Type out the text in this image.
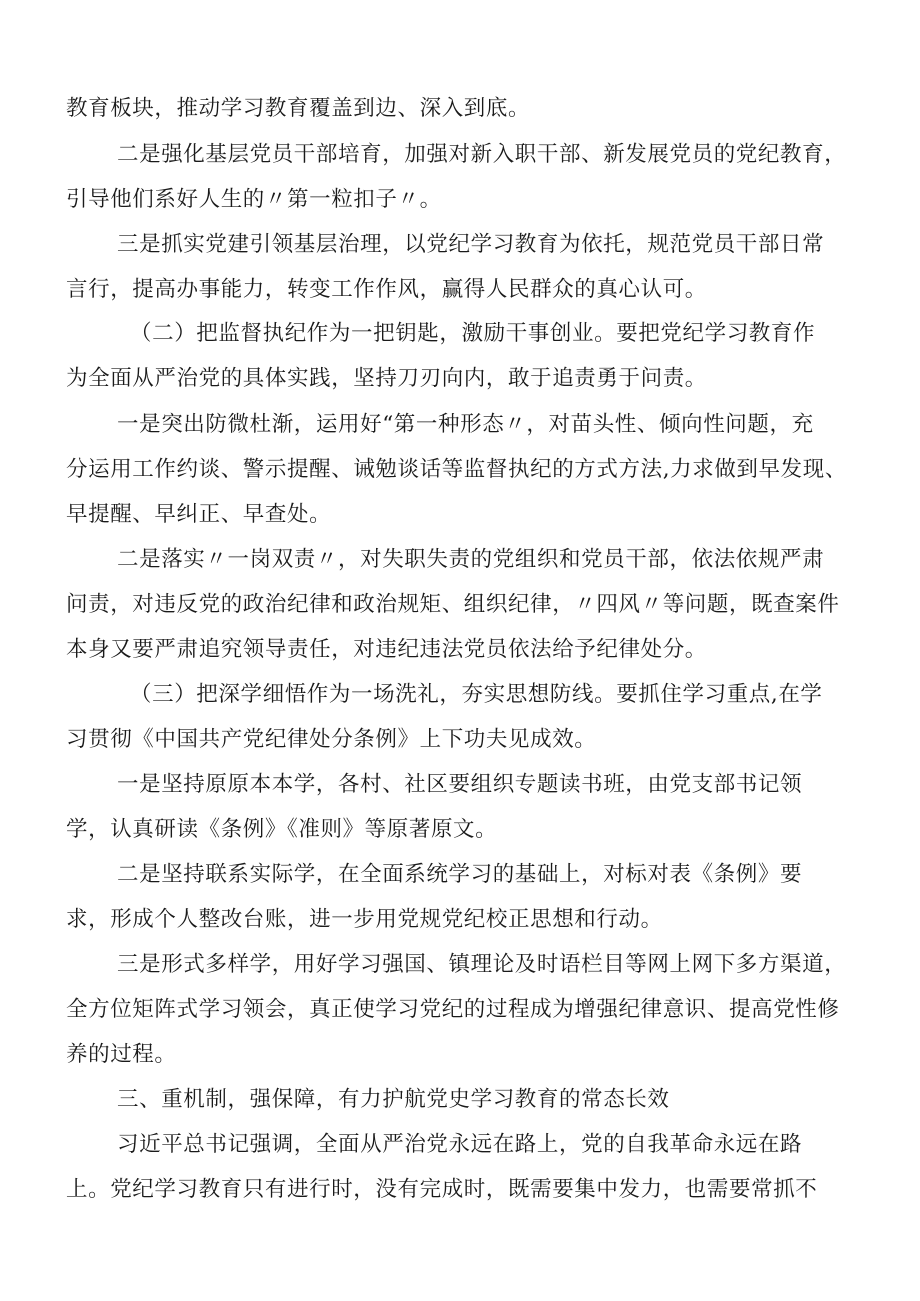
教育板块，推动学习教育覆盖到边、深入到底。
二是强化基层党员干部培育，加强对新入职干部、新发展党员的党纪教育，
引导他们系好人生的〃第一粒扣子〃。
三是抓实党建引领基层治理，以党纪学习教育为依托，规范党员干部日常
言行，提高办事能力，转变工作作风，赢得人民群众的真心认可。
（二）把监督执纪作为一把钥匙，激励干事创业。要把党纪学习教育作
为全面从严治党的具体实践，坚持刀刃向内，敢于追责勇于问责。
一是突出防微杜渐，运用好“第一种形态〃，对苗头性、倾向性问题，充
分运用工作约谈、警示提醒、诫勉谈话等监督执纪的方式方法,力求做到早发现、
早提醒、早纠正、早查处。
二是落实〃一岗双责〃，对失职失责的党组织和党员干部，依法依规严肃
问责，对违反党的政治纪律和政治规矩、组织纪律，〃四风〃等问题，既查案件
本身又要严肃追究领导责任，对违纪违法党员依法给予纪律处分。
（三）把深学细悟作为一场洗礼，夯实思想防线。要抓住学习重点,在学
习贯彻《中国共产党纪律处分条例》上下功夫见成效。
一是坚持原原本本学，各村、社区要组织专题读书班，由党支部书记领
学，认真研读《条例》《准则》等原著原文。
二是坚持联系实际学，在全面系统学习的基础上，对标对表《条例》要
求，形成个人整改台账，进一步用党规党纪校正思想和行动。
三是形式多样学，用好学习强国、镇理论及时语栏目等网上网下多方渠道，
全方位矩阵式学习领会，真正使学习党纪的过程成为增强纪律意识、提高党性修
养的过程。
三、重机制，强保障，有力护航党史学习教育的常态长效
习近平总书记强调，全面从严治党永远在路上，党的自我革命永远在路
上。党纪学习教育只有进行时，没有完成时，既需要集中发力，也需要常抓不
